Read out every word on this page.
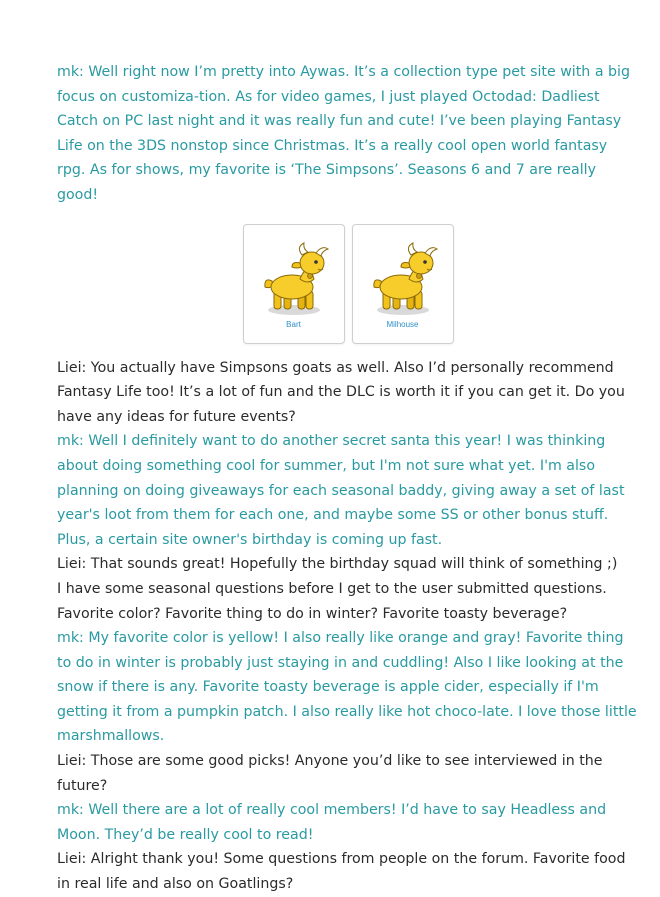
mk: Well right now I’m pretty into Aywas. It’s a collection type pet site with a big focus on customiza-tion. As for video games, I just played Octodad: Dadliest Catch on PC last night and it was really fun and cute! I’ve been playing Fantasy Life on the 3DS nonstop since Christmas. It’s a really cool open world fantasy rpg. As for shows, my favorite is ‘The Simpsons’. Seasons 6 and 7 are really good!

Bart	Milhouse

Liei: You actually have Simpsons goats as well. Also I’d personally recommend Fantasy Life too! It’s a lot of fun and the DLC is worth it if you can get it. Do you have any ideas for future events?

mk: Well I definitely want to do another secret santa this year! I was thinking about doing something cool for summer, but I'm not sure what yet. I'm also planning on doing giveaways for each seasonal baddy, giving away a set of last year's loot from them for each one, and maybe some SS or other bonus stuff. Plus, a certain site owner's birthday is coming up fast.

Liei: That sounds great! Hopefully the birthday squad will think of something ;)

I have some seasonal questions before I get to the user submitted questions. Favorite color? Favorite thing to do in winter? Favorite toasty beverage?

mk: My favorite color is yellow! I also really like orange and gray! Favorite thing to do in winter is probably just staying in and cuddling! Also I like looking at the snow if there is any. Favorite toasty beverage is apple cider, especially if I'm getting it from a pumpkin patch. I also really like hot choco-late. I love those little marshmallows.

Liei: Those are some good picks! Anyone you’d like to see interviewed in the future?

mk: Well there are a lot of really cool members! I’d have to say Headless and Moon. They’d be really cool to read!

Liei: Alright thank you! Some questions from people on the forum. Favorite food in real life and also on Goatlings?
